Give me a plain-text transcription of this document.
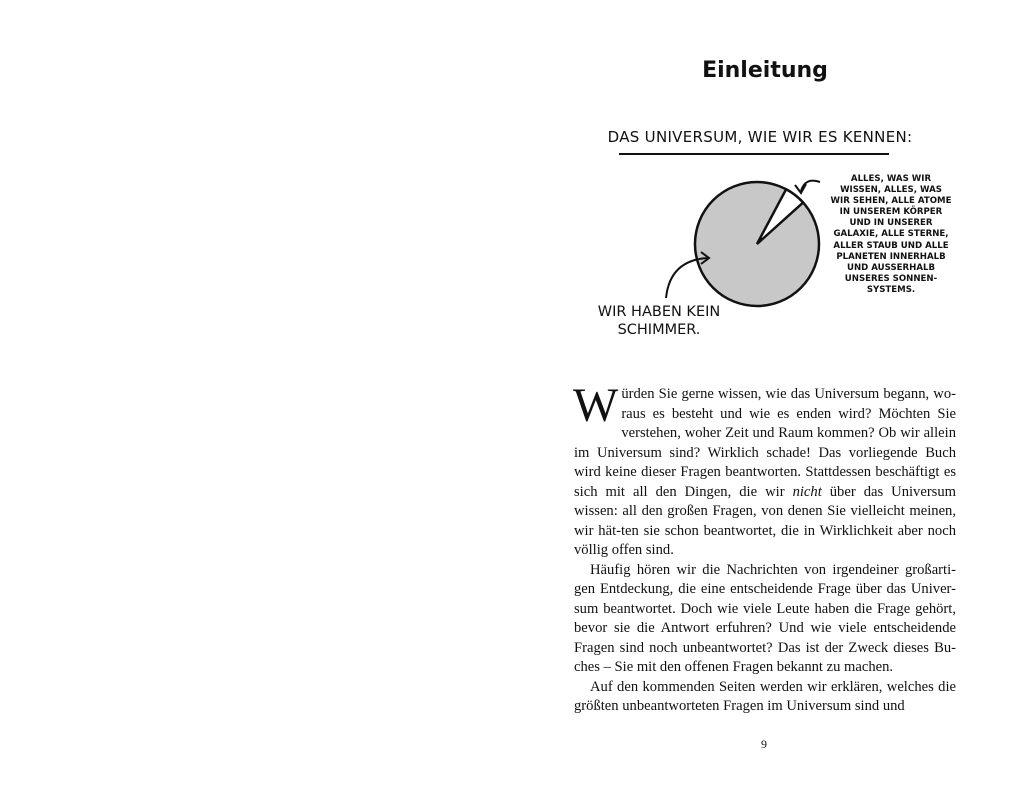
Einleitung
DAS UNIVERSUM, WIE WIR ES KENNEN:
ALLES, WAS WIR
WISSEN, ALLES, WAS
WIR SEHEN, ALLE ATOME
IN UNSEREM KÖRPER
UND IN UNSERER
GALAXIE, ALLE STERNE,
ALLER STAUB UND ALLE
PLANETEN INNERHALB
UND AUSSERHALB
UNSERES SONNEN-
SYSTEMS.
WIR HABEN KEIN
SCHIMMER.

Würden Sie gerne wissen, wie das Universum begann, wo-raus es besteht und wie es enden wird? Möchten Sie verstehen, woher Zeit und Raum kommen? Ob wir allein im Universum sind? Wirklich schade! Das vorliegende Buch wird keine dieser Fragen beantworten. Stattdessen beschäftigt es sich mit all den Dingen, die wir nicht über das Universum wissen: all den großen Fragen, von denen Sie vielleicht meinen, wir hät-ten sie schon beantwortet, die in Wirklichkeit aber noch völlig offen sind.

Häufig hören wir die Nachrichten von irgendeiner großarti-gen Entdeckung, die eine entscheidende Frage über das Univer-sum beantwortet. Doch wie viele Leute haben die Frage gehört, bevor sie die Antwort erfuhren? Und wie viele entscheidende Fragen sind noch unbeantwortet? Das ist der Zweck dieses Bu-ches – Sie mit den offenen Fragen bekannt zu machen.

Auf den kommenden Seiten werden wir erklären, welches die größten unbeantworteten Fragen im Universum sind und

9
